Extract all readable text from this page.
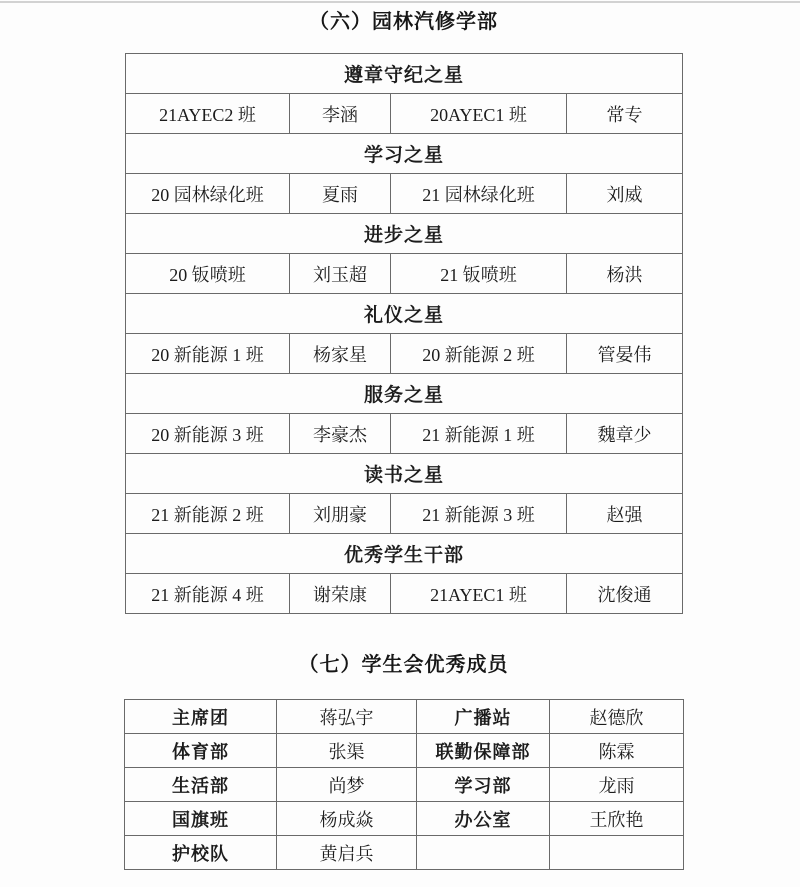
（六）园林汽修学部
遵章守纪之星			
21AYEC2 班	李涵	20AYEC1 班	常专
学习之星			
20 园林绿化班	夏雨	21 园林绿化班	刘威
进步之星			
20 钣喷班	刘玉超	21 钣喷班	杨洪
礼仪之星			
20 新能源 1 班	杨家星	20 新能源 2 班	管晏伟
服务之星			
20 新能源 3 班	李豪杰	21 新能源 1 班	魏章少
读书之星			
21 新能源 2 班	刘朋豪	21 新能源 3 班	赵强
优秀学生干部			
21 新能源 4 班	谢荣康	21AYEC1 班	沈俊通
（七）学生会优秀成员
主席团	蒋弘宇	广播站	赵德欣
体育部	张渠	联勤保障部	陈霖
生活部	尚梦	学习部	龙雨
国旗班	杨成焱	办公室	王欣艳
护校队	黄启兵		
